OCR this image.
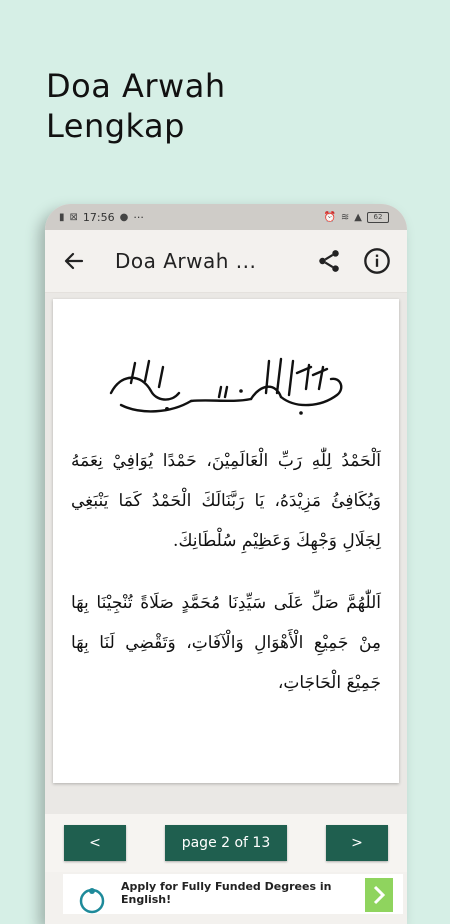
Doa Arwah
Lengkap
▮ ⊠ 17:56 ● ···	⏰ ≋ ▲	62
Doa Arwah ...

اَلْحَمْدُ لِلّٰهِ رَبِّ الْعَالَمِيْنَ، حَمْدًا يُوَافِيْ نِعَمَهُ وَيُكَافِئُ مَزِيْدَهُ، يَا رَبَّنَالَكَ الْحَمْدُ كَمَا يَنْبَغِي لِجَلَالِ وَجْهِكَ وَعَظِيْمِ سُلْطَانِكَ.

اَللّٰهُمَّ صَلِّ عَلَى سَيِّدِنَا مُحَمَّدٍ صَلَاةً تُنْجِيْنَا بِهَا مِنْ جَمِيْعِ الْأَهْوَالِ وَالْآفَاتِ، وَتَقْضِي لَنَا بِهَا جَمِيْعَ الْحَاجَاتِ،

<	page 2 of 13	>
Apply for Fully Funded Degrees in English!
